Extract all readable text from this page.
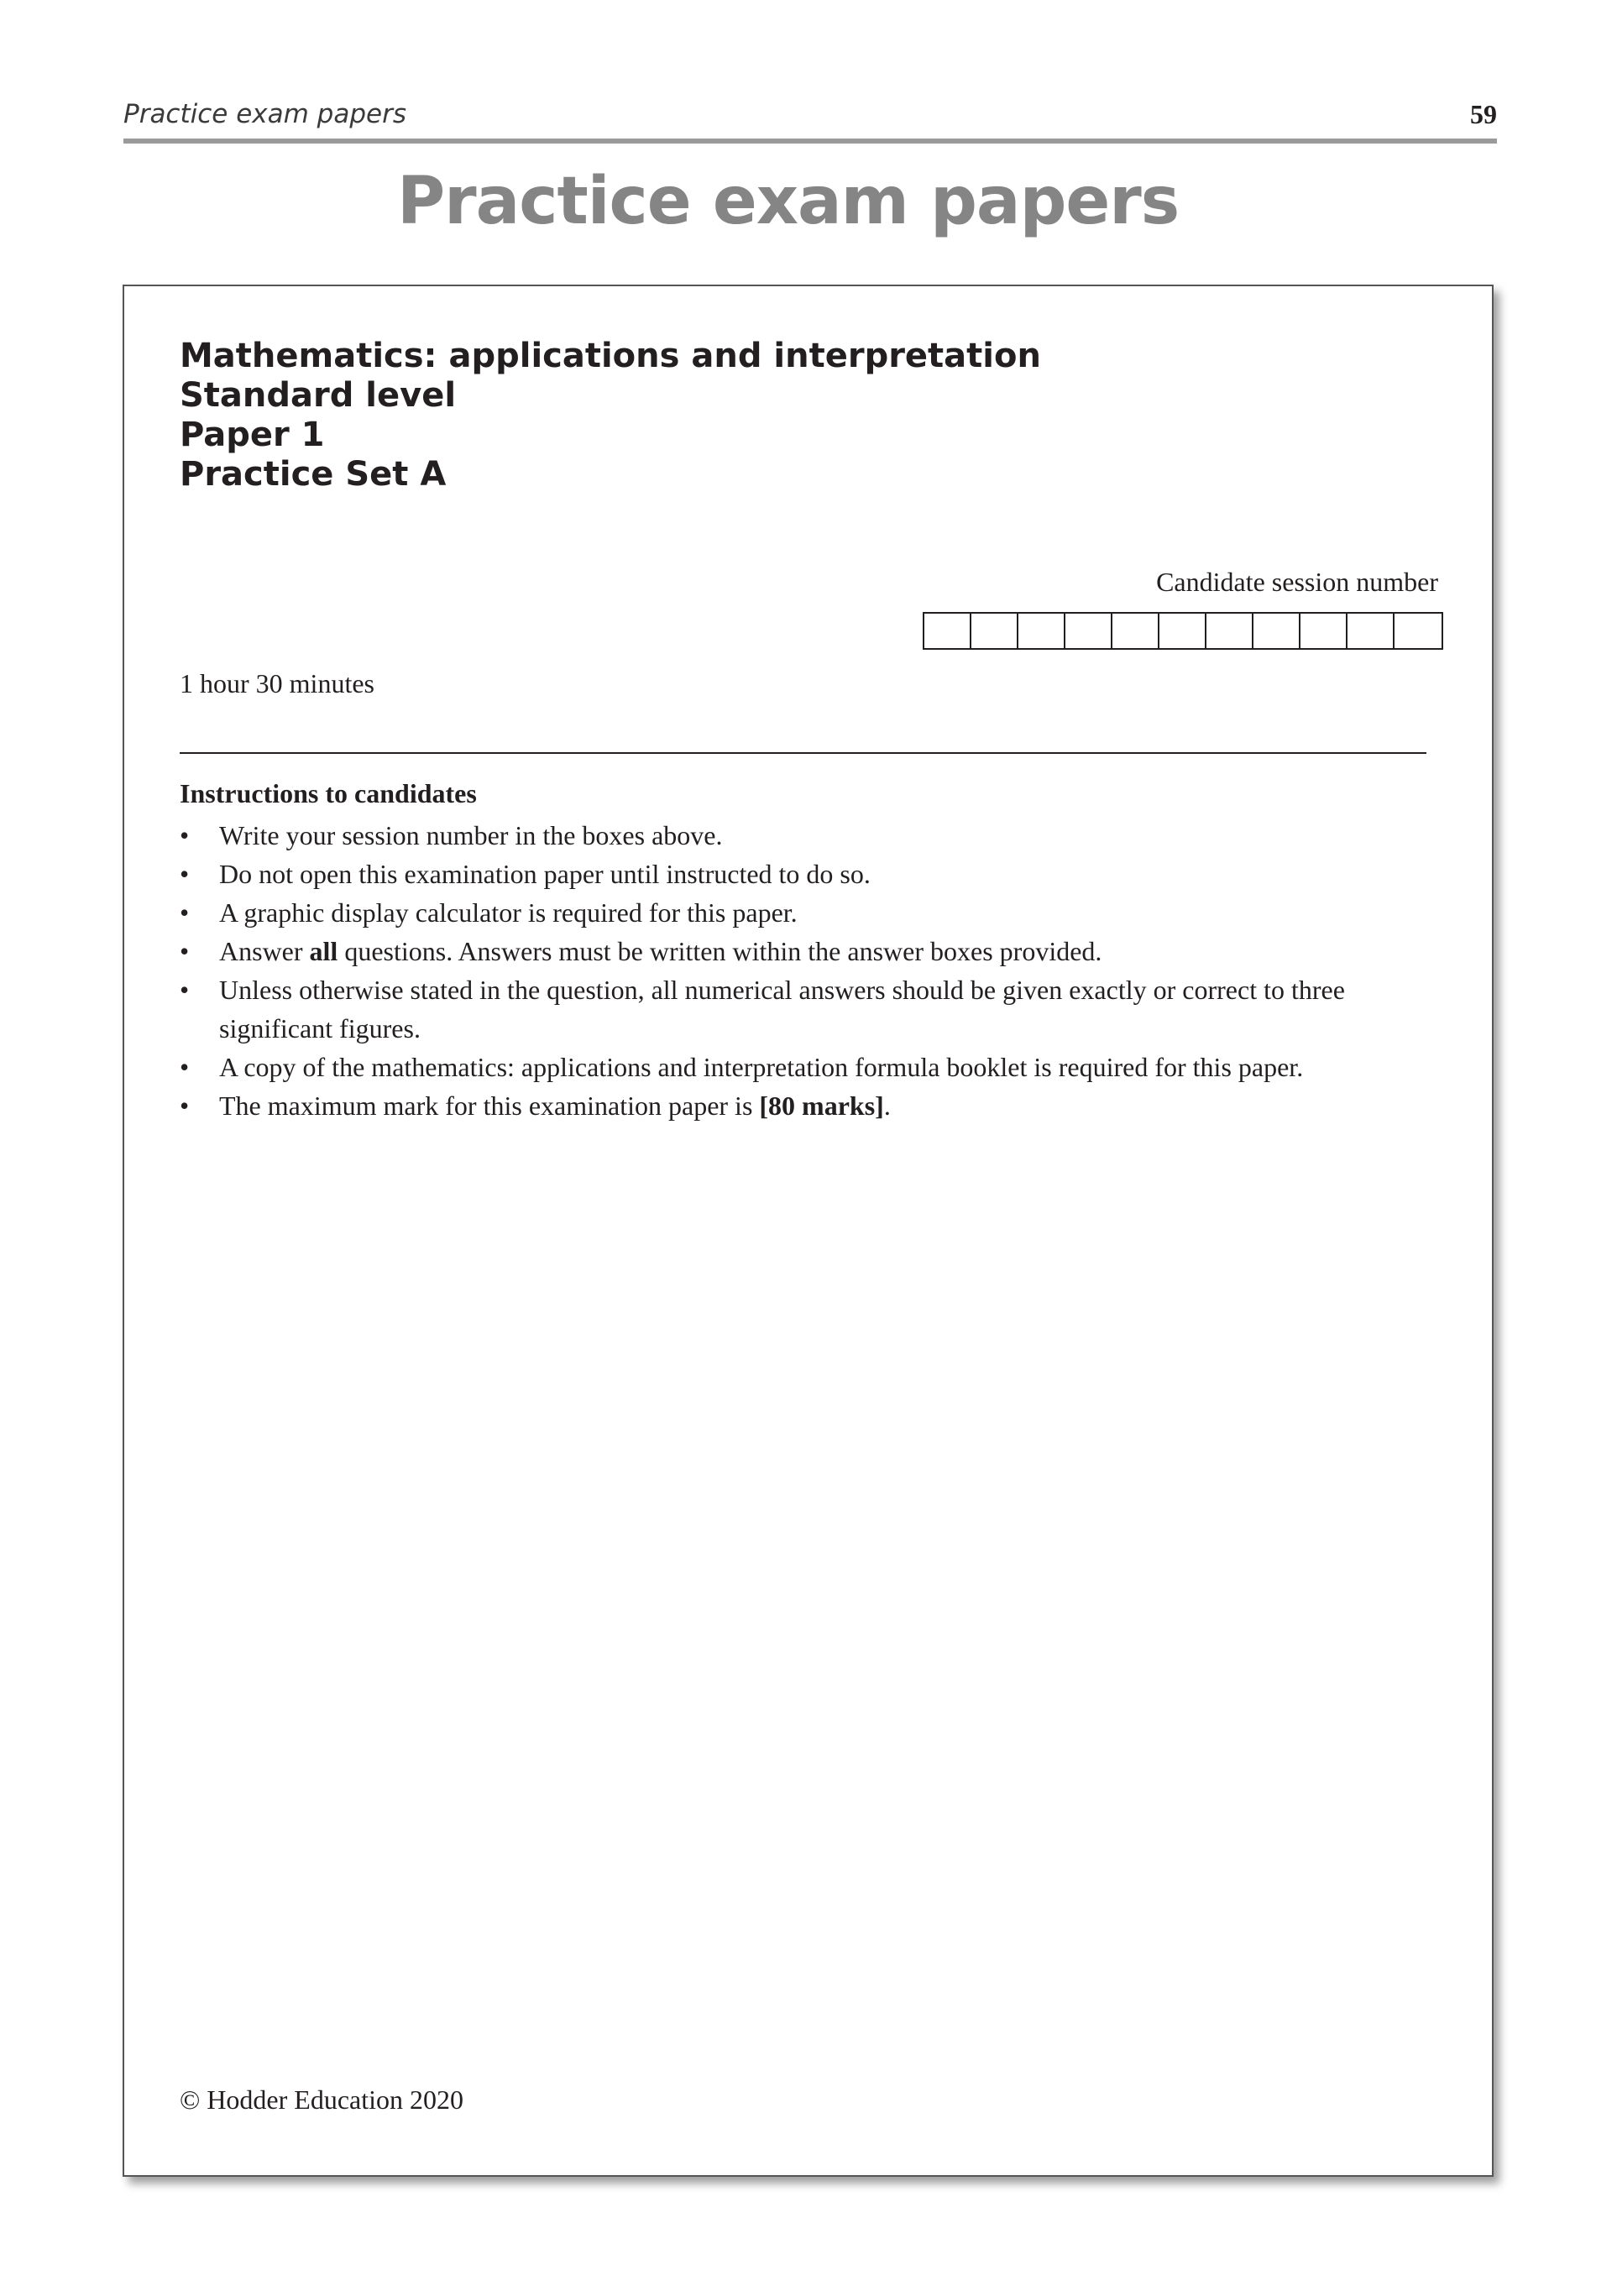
Practice exam papers	59
Practice exam papers
Mathematics: applications and interpretation
Standard level
Paper 1
Practice Set A
Candidate session number
1 hour 30 minutes
Instructions to candidates
• Write your session number in the boxes above.
• Do not open this examination paper until instructed to do so.
• A graphic display calculator is required for this paper.
• Answer all questions. Answers must be written within the answer boxes provided.
• Unless otherwise stated in the question, all numerical answers should be given exactly or correct to three significant figures.
• A copy of the mathematics: applications and interpretation formula booklet is required for this paper.
• The maximum mark for this examination paper is [80 marks].
© Hodder Education 2020
